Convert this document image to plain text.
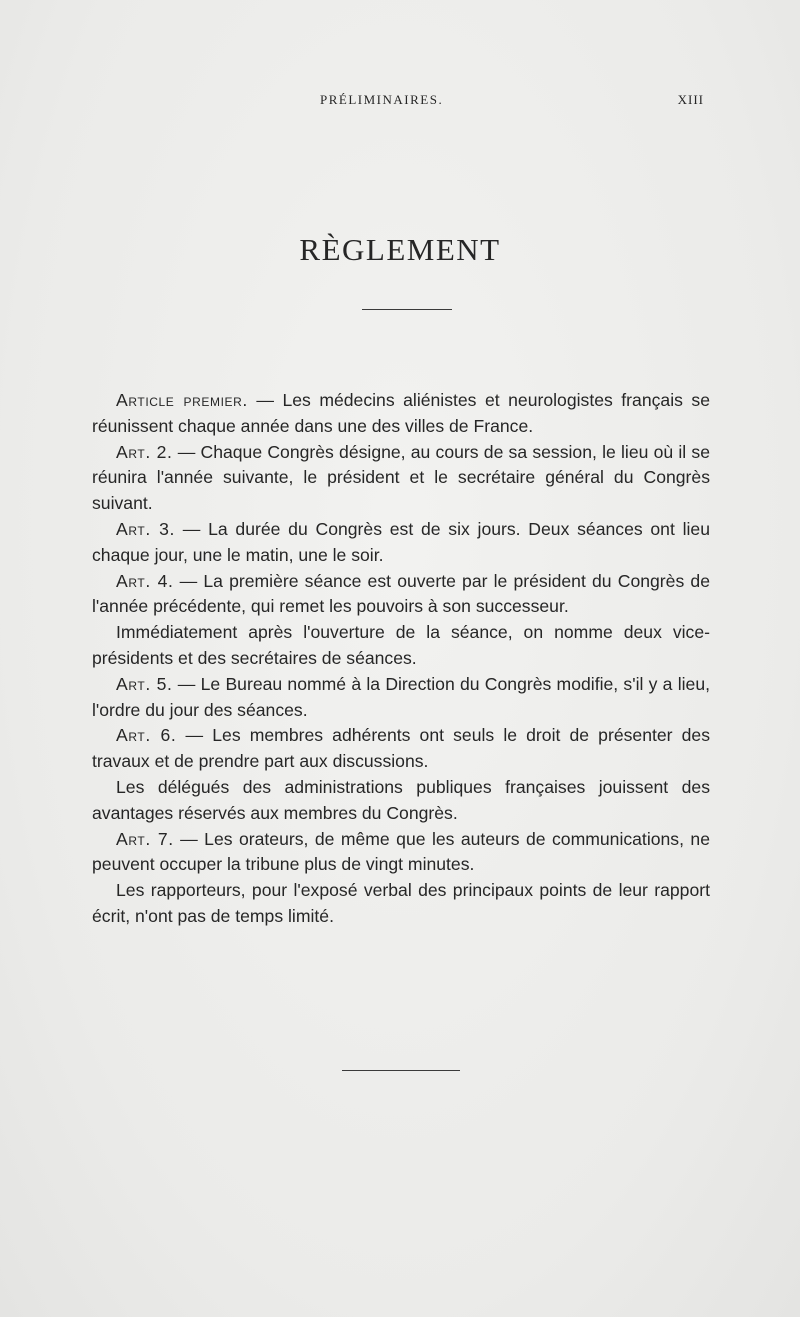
PRÉLIMINAIRES.	XIII
RÈGLEMENT

Article premier. — Les médecins aliénistes et neurologistes français se réunissent chaque année dans une des villes de France.

Art. 2. — Chaque Congrès désigne, au cours de sa session, le lieu où il se réunira l'année suivante, le président et le secrétaire général du Congrès suivant.

Art. 3. — La durée du Congrès est de six jours. Deux séances ont lieu chaque jour, une le matin, une le soir.

Art. 4. — La première séance est ouverte par le président du Congrès de l'année précédente, qui remet les pouvoirs à son successeur.

Immédiatement après l'ouverture de la séance, on nomme deux vice-présidents et des secrétaires de séances.

Art. 5. — Le Bureau nommé à la Direction du Congrès modifie, s'il y a lieu, l'ordre du jour des séances.

Art. 6. — Les membres adhérents ont seuls le droit de présenter des travaux et de prendre part aux discussions.

Les délégués des administrations publiques françaises jouissent des avantages réservés aux membres du Congrès.

Art. 7. — Les orateurs, de même que les auteurs de communications, ne peuvent occuper la tribune plus de vingt minutes.

Les rapporteurs, pour l'exposé verbal des principaux points de leur rapport écrit, n'ont pas de temps limité.
